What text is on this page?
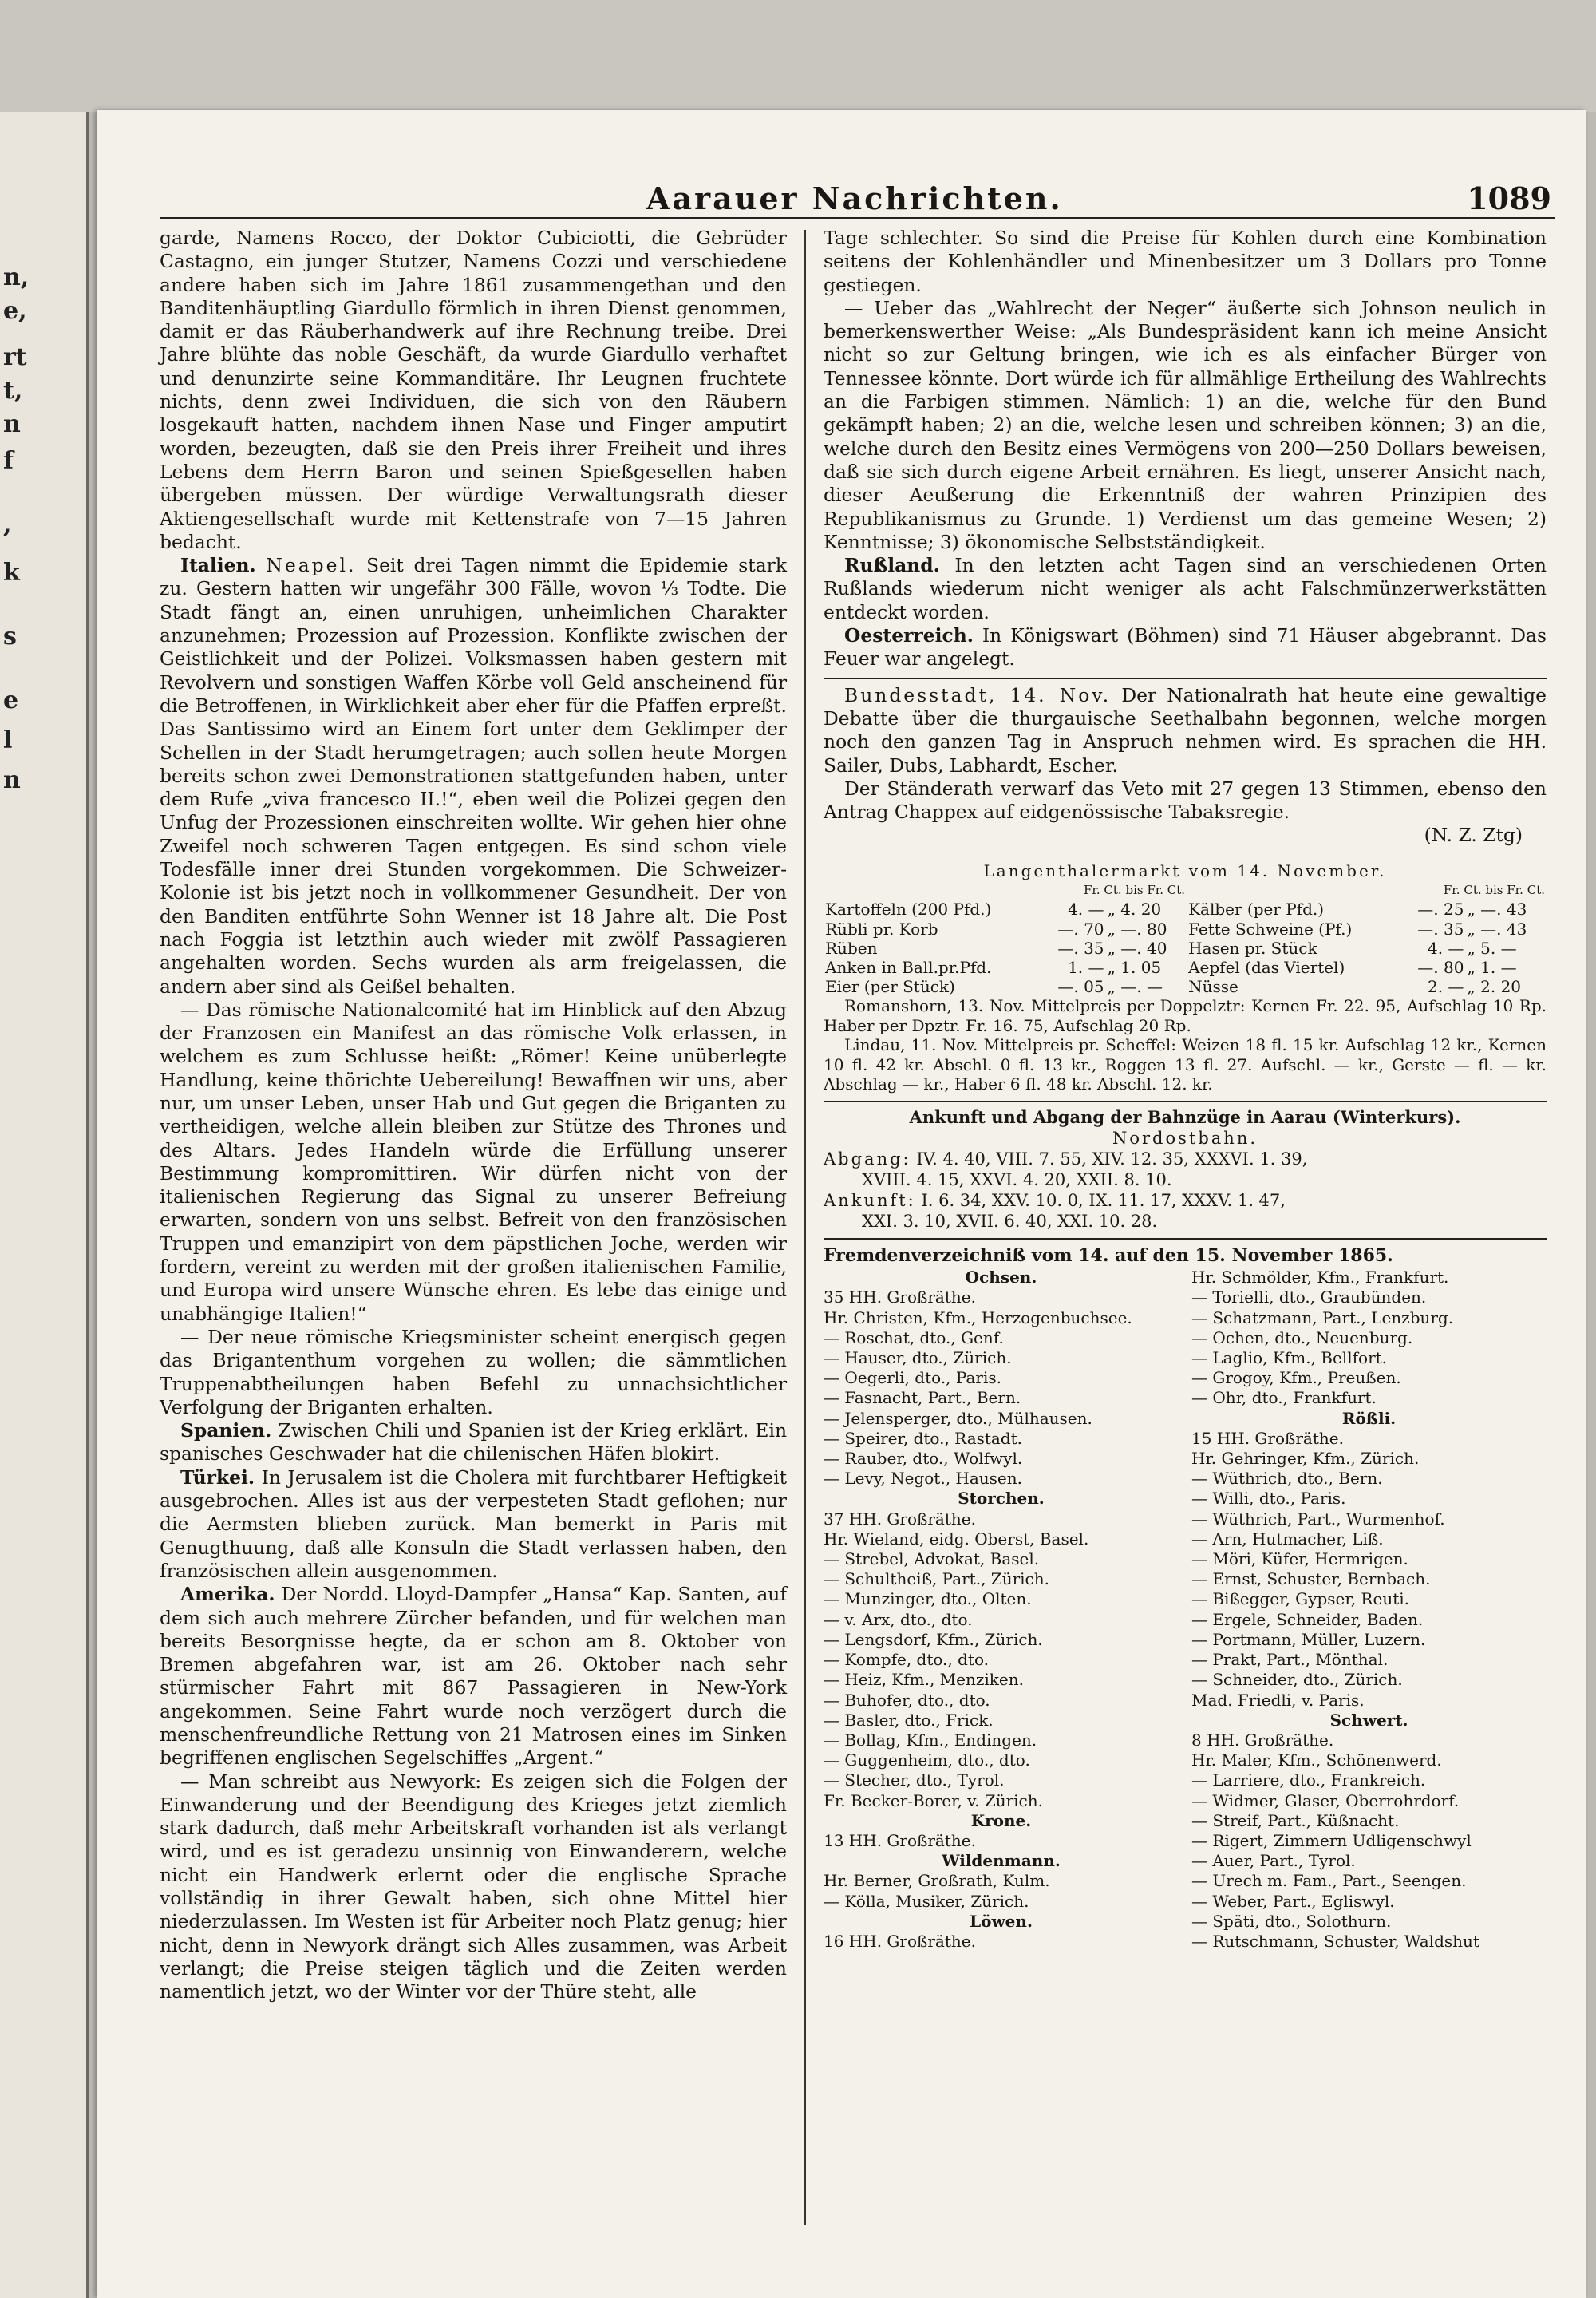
n,
e,
rt
t,
n
f
,
k
s
e
l
n
Aarauer Nachrichten.	1089

garde, Namens Rocco, der Doktor Cubiciotti, die Gebrüder Castagno, ein junger Stutzer, Namens Cozzi und verschiedene andere haben sich im Jahre 1861 zusammengethan und den Banditenhäuptling Giardullo förmlich in ihren Dienst genommen, damit er das Räuberhandwerk auf ihre Rechnung treibe. Drei Jahre blühte das noble Geschäft, da wurde Giardullo verhaftet und denunzirte seine Kommanditäre. Ihr Leugnen fruchtete nichts, denn zwei Individuen, die sich von den Räubern losgekauft hatten, nachdem ihnen Nase und Finger amputirt worden, bezeugten, daß sie den Preis ihrer Freiheit und ihres Lebens dem Herrn Baron und seinen Spießgesellen haben übergeben müssen. Der würdige Verwaltungsrath dieser Aktiengesellschaft wurde mit Kettenstrafe von 7—15 Jahren bedacht.

Italien. Neapel. Seit drei Tagen nimmt die Epidemie stark zu. Gestern hatten wir ungefähr 300 Fälle, wovon ⅓ Todte. Die Stadt fängt an, einen unruhigen, unheimlichen Charakter anzunehmen; Prozession auf Prozession. Konflikte zwischen der Geistlichkeit und der Polizei. Volksmassen haben gestern mit Revolvern und sonstigen Waffen Körbe voll Geld anscheinend für die Betroffenen, in Wirklichkeit aber eher für die Pfaffen erpreßt. Das Santissimo wird an Einem fort unter dem Geklimper der Schellen in der Stadt herumgetragen; auch sollen heute Morgen bereits schon zwei Demonstrationen stattgefunden haben, unter dem Rufe „viva francesco II.!“, eben weil die Polizei gegen den Unfug der Prozessionen einschreiten wollte. Wir gehen hier ohne Zweifel noch schweren Tagen entgegen. Es sind schon viele Todesfälle inner drei Stunden vorgekommen. Die Schweizer-Kolonie ist bis jetzt noch in vollkommener Gesundheit. Der von den Banditen entführte Sohn Wenner ist 18 Jahre alt. Die Post nach Foggia ist letzthin auch wieder mit zwölf Passagieren angehalten worden. Sechs wurden als arm freigelassen, die andern aber sind als Geißel behalten.

— Das römische Nationalcomité hat im Hinblick auf den Abzug der Franzosen ein Manifest an das römische Volk erlassen, in welchem es zum Schlusse heißt: „Römer! Keine unüberlegte Handlung, keine thörichte Uebereilung! Bewaffnen wir uns, aber nur, um unser Leben, unser Hab und Gut gegen die Briganten zu vertheidigen, welche allein bleiben zur Stütze des Thrones und des Altars. Jedes Handeln würde die Erfüllung unserer Bestimmung kompromittiren. Wir dürfen nicht von der italienischen Regierung das Signal zu unserer Befreiung erwarten, sondern von uns selbst. Befreit von den französischen Truppen und emanzipirt von dem päpstlichen Joche, werden wir fordern, vereint zu werden mit der großen italienischen Familie, und Europa wird unsere Wünsche ehren. Es lebe das einige und unabhängige Italien!“

— Der neue römische Kriegsminister scheint energisch gegen das Brigantenthum vorgehen zu wollen; die sämmtlichen Truppenabtheilungen haben Befehl zu unnachsichtlicher Verfolgung der Briganten erhalten.

Spanien. Zwischen Chili und Spanien ist der Krieg erklärt. Ein spanisches Geschwader hat die chilenischen Häfen blokirt.

Türkei. In Jerusalem ist die Cholera mit furchtbarer Heftigkeit ausgebrochen. Alles ist aus der verpesteten Stadt geflohen; nur die Aermsten blieben zurück. Man bemerkt in Paris mit Genugthuung, daß alle Konsuln die Stadt verlassen haben, den französischen allein ausgenommen.

Amerika. Der Nordd. Lloyd-Dampfer „Hansa“ Kap. Santen, auf dem sich auch mehrere Zürcher befanden, und für welchen man bereits Besorgnisse hegte, da er schon am 8. Oktober von Bremen abgefahren war, ist am 26. Oktober nach sehr stürmischer Fahrt mit 867 Passagieren in New-York angekommen. Seine Fahrt wurde noch verzögert durch die menschenfreundliche Rettung von 21 Matrosen eines im Sinken begriffenen englischen Segelschiffes „Argent.“

— Man schreibt aus Newyork: Es zeigen sich die Folgen der Einwanderung und der Beendigung des Krieges jetzt ziemlich stark dadurch, daß mehr Arbeitskraft vorhanden ist als verlangt wird, und es ist geradezu unsinnig von Einwanderern, welche nicht ein Handwerk erlernt oder die englische Sprache vollständig in ihrer Gewalt haben, sich ohne Mittel hier niederzulassen. Im Westen ist für Arbeiter noch Platz genug; hier nicht, denn in Newyork drängt sich Alles zusammen, was Arbeit verlangt; die Preise steigen täglich und die Zeiten werden namentlich jetzt, wo der Winter vor der Thüre steht, alle

Tage schlechter. So sind die Preise für Kohlen durch eine Kombination seitens der Kohlenhändler und Minenbesitzer um 3 Dollars pro Tonne gestiegen.

— Ueber das „Wahlrecht der Neger“ äußerte sich Johnson neulich in bemerkenswerther Weise: „Als Bundespräsident kann ich meine Ansicht nicht so zur Geltung bringen, wie ich es als einfacher Bürger von Tennessee könnte. Dort würde ich für allmählige Ertheilung des Wahlrechts an die Farbigen stimmen. Nämlich: 1) an die, welche für den Bund gekämpft haben; 2) an die, welche lesen und schreiben können; 3) an die, welche durch den Besitz eines Vermögens von 200—250 Dollars beweisen, daß sie sich durch eigene Arbeit ernähren. Es liegt, unserer Ansicht nach, dieser Aeußerung die Erkenntniß der wahren Prinzipien des Republikanismus zu Grunde. 1) Verdienst um das gemeine Wesen; 2) Kenntnisse; 3) ökonomische Selbstständigkeit.

Rußland. In den letzten acht Tagen sind an verschiedenen Orten Rußlands wiederum nicht weniger als acht Falschmünzerwerkstätten entdeckt worden.

Oesterreich. In Königswart (Böhmen) sind 71 Häuser abgebrannt. Das Feuer war angelegt.

Bundesstadt, 14. Nov. Der Nationalrath hat heute eine gewaltige Debatte über die thurgauische Seethalbahn begonnen, welche morgen noch den ganzen Tag in Anspruch nehmen wird. Es sprachen die HH. Sailer, Dubs, Labhardt, Escher.

Der Ständerath verwarf das Veto mit 27 gegen 13 Stimmen, ebenso den Antrag Chappex auf eidgenössische Tabaksregie.

(N. Z. Ztg)

Langenthalermarkt vom 14. November.

	Fr. Ct. bis Fr. Ct.			Fr. Ct. bis Fr. Ct.	
Kartoffeln (200 Pfd.)	4. —	„ 4. 20	Kälber (per Pfd.)	—. 25	„ —. 43
Rübli pr. Korb	—. 70	„ —. 80	Fette Schweine (Pf.)	—. 35	„ —. 43
Rüben	—. 35	„ —. 40	Hasen pr. Stück	4. —	„ 5. —
Anken in Ball.pr.Pfd.	1. —	„ 1. 05	Aepfel (das Viertel)	—. 80	„ 1. —
Eier (per Stück)	—. 05	„ —. —	Nüsse	2. —	„ 2. 20

Romanshorn, 13. Nov. Mittelpreis per Doppelztr: Kernen Fr. 22. 95, Aufschlag 10 Rp. Haber per Dpztr. Fr. 16. 75, Aufschlag 20 Rp.

Lindau, 11. Nov. Mittelpreis pr. Scheffel: Weizen 18 fl. 15 kr. Aufschlag 12 kr., Kernen 10 fl. 42 kr. Abschl. 0 fl. 13 kr., Roggen 13 fl. 27. Aufschl. — kr., Gerste — fl. — kr. Abschlag — kr., Haber 6 fl. 48 kr. Abschl. 12. kr.

Ankunft und Abgang der Bahnzüge in Aarau (Winterkurs).

Nordostbahn.

Abgang: IV. 4. 40, VIII. 7. 55, XIV. 12. 35, XXXVI. 1. 39,

XVIII. 4. 15, XXVI. 4. 20, XXII. 8. 10.

Ankunft: I. 6. 34, XXV. 10. 0, IX. 11. 17, XXXV. 1. 47,

XXI. 3. 10, XVII. 6. 40, XXI. 10. 28.

Fremdenverzeichniß vom 14. auf den 15. November 1865.

Ochsen.
35 HH. Großräthe.
Hr. Christen, Kfm., Herzogenbuchsee.
— Roschat, dto., Genf.
— Hauser, dto., Zürich.
— Oegerli, dto., Paris.
— Fasnacht, Part., Bern.
— Jelensperger, dto., Mülhausen.
— Speirer, dto., Rastadt.
— Rauber, dto., Wolfwyl.
— Levy, Negot., Hausen.
Storchen.
37 HH. Großräthe.
Hr. Wieland, eidg. Oberst, Basel.
— Strebel, Advokat, Basel.
— Schultheiß, Part., Zürich.
— Munzinger, dto., Olten.
— v. Arx, dto., dto.
— Lengsdorf, Kfm., Zürich.
— Kompfe, dto., dto.
— Heiz, Kfm., Menziken.
— Buhofer, dto., dto.
— Basler, dto., Frick.
— Bollag, Kfm., Endingen.
— Guggenheim, dto., dto.
— Stecher, dto., Tyrol.
Fr. Becker-Borer, v. Zürich.
Krone.
13 HH. Großräthe.
Wildenmann.
Hr. Berner, Großrath, Kulm.
— Kölla, Musiker, Zürich.
Löwen.
16 HH. Großräthe.
Hr. Schmölder, Kfm., Frankfurt.
— Torielli, dto., Graubünden.
— Schatzmann, Part., Lenzburg.
— Ochen, dto., Neuenburg.
— Laglio, Kfm., Bellfort.
— Grogoy, Kfm., Preußen.
— Ohr, dto., Frankfurt.
Rößli.
15 HH. Großräthe.
Hr. Gehringer, Kfm., Zürich.
— Wüthrich, dto., Bern.
— Willi, dto., Paris.
— Wüthrich, Part., Wurmenhof.
— Arn, Hutmacher, Liß.
— Möri, Küfer, Hermrigen.
— Ernst, Schuster, Bernbach.
— Bißegger, Gypser, Reuti.
— Ergele, Schneider, Baden.
— Portmann, Müller, Luzern.
— Prakt, Part., Mönthal.
— Schneider, dto., Zürich.
Mad. Friedli, v. Paris.
Schwert.
8 HH. Großräthe.
Hr. Maler, Kfm., Schönenwerd.
— Larriere, dto., Frankreich.
— Widmer, Glaser, Oberrohrdorf.
— Streif, Part., Küßnacht.
— Rigert, Zimmern Udligenschwyl
— Auer, Part., Tyrol.
— Urech m. Fam., Part., Seengen.
— Weber, Part., Egliswyl.
— Späti, dto., Solothurn.
— Rutschmann, Schuster, Waldshut
